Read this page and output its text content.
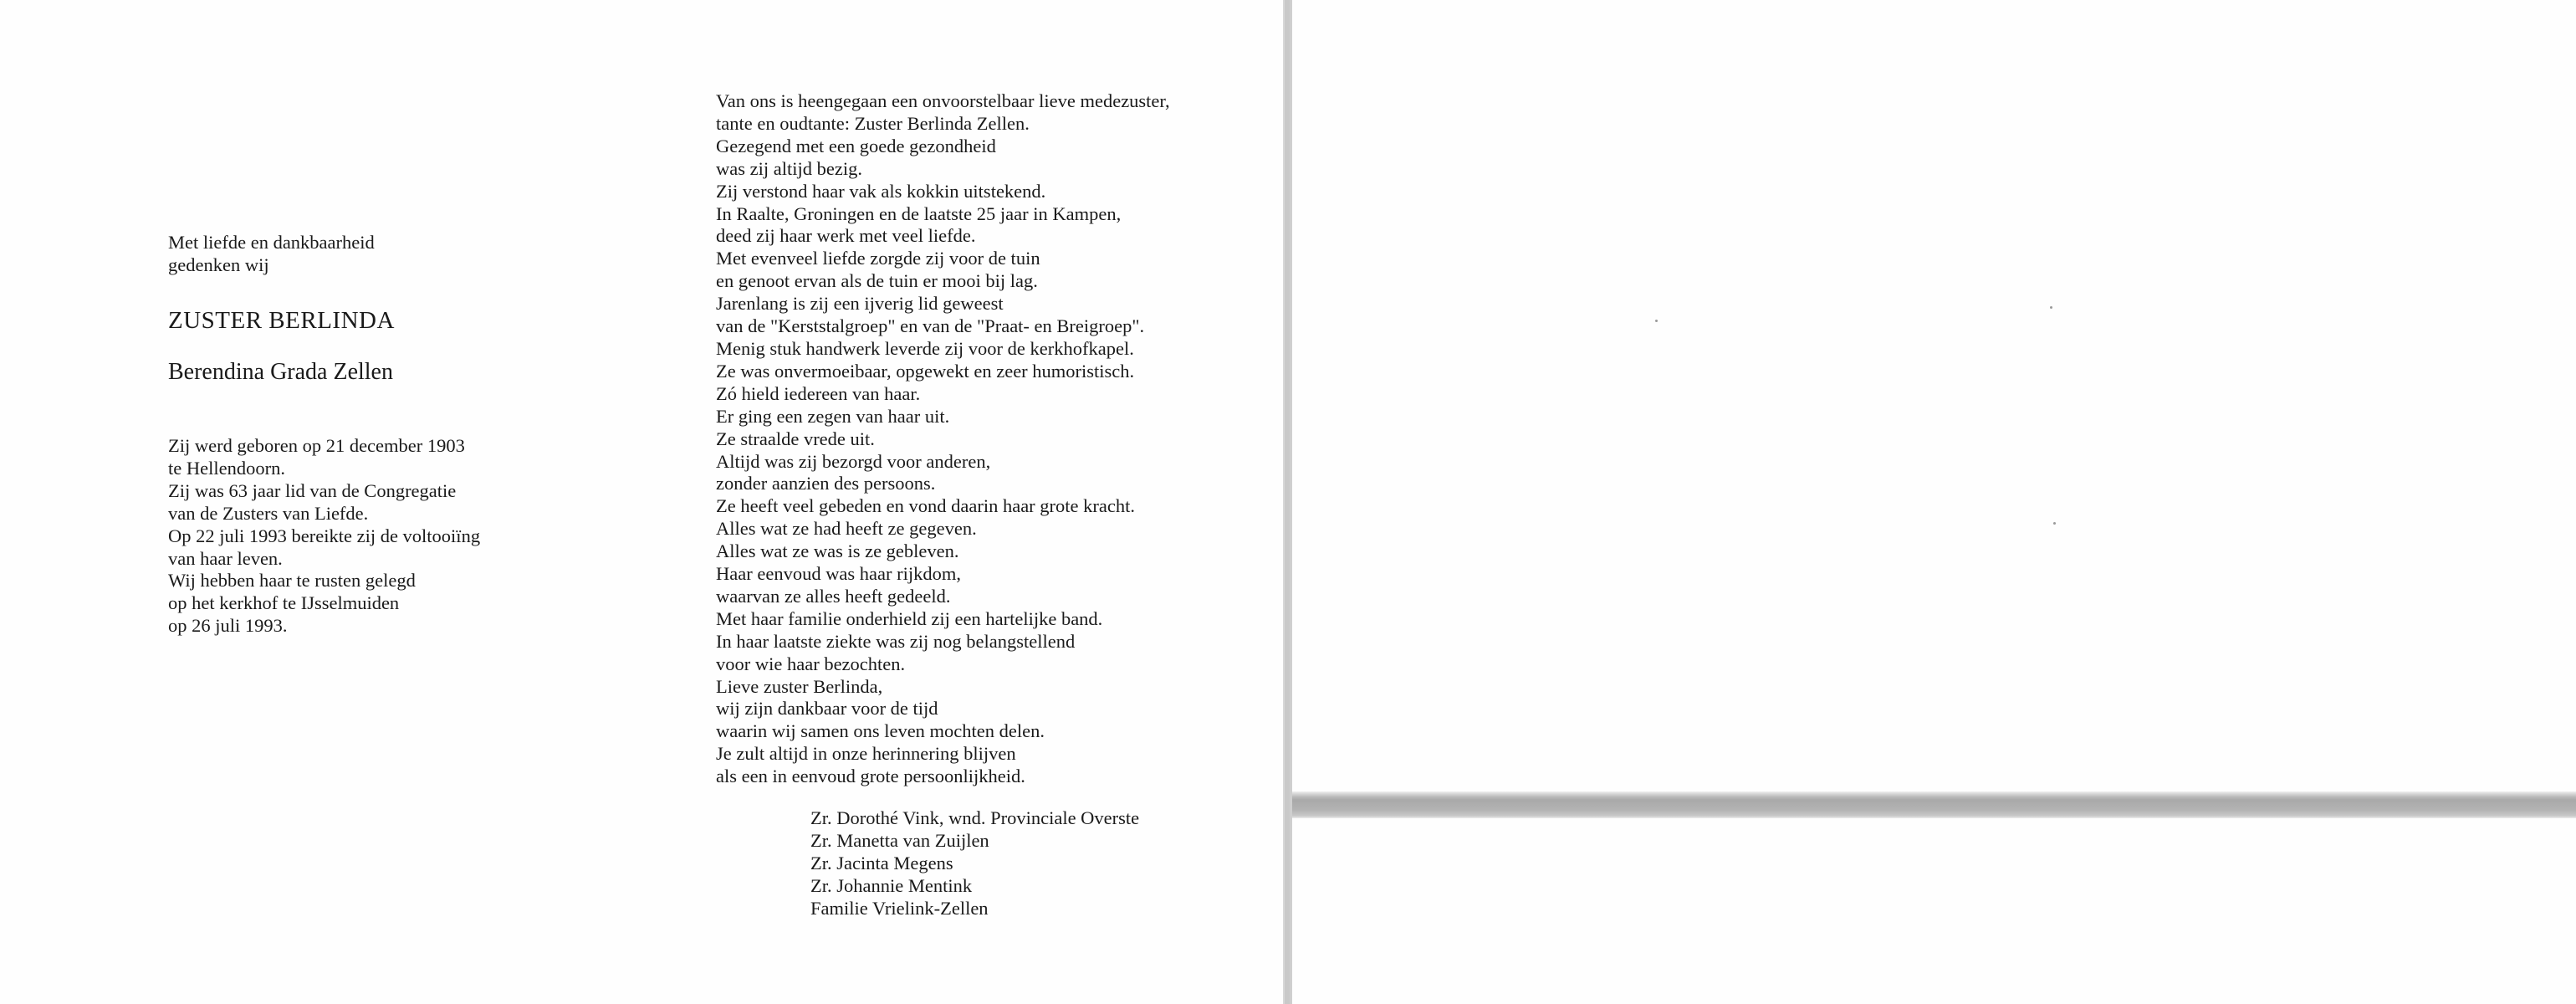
Met liefde en dankbaarheid
gedenken wij
ZUSTER BERLINDA
Berendina Grada Zellen
Zij werd geboren op 21 december 1903
te Hellendoorn.
Zij was 63 jaar lid van de Congregatie
van de Zusters van Liefde.
Op 22 juli 1993 bereikte zij de voltooiïng
van haar leven.
Wij hebben haar te rusten gelegd
op het kerkhof te IJsselmuiden
op 26 juli 1993.
Van ons is heengegaan een onvoorstelbaar lieve medezuster,
tante en oudtante: Zuster Berlinda Zellen.
Gezegend met een goede gezondheid
was zij altijd bezig.
Zij verstond haar vak als kokkin uitstekend.
In Raalte, Groningen en de laatste 25 jaar in Kampen,
deed zij haar werk met veel liefde.
Met evenveel liefde zorgde zij voor de tuin
en genoot ervan als de tuin er mooi bij lag.
Jarenlang is zij een ijverig lid geweest
van de "Kerststalgroep" en van de "Praat- en Breigroep".
Menig stuk handwerk leverde zij voor de kerkhofkapel.
Ze was onvermoeibaar, opgewekt en zeer humoristisch.
Zó hield iedereen van haar.
Er ging een zegen van haar uit.
Ze straalde vrede uit.
Altijd was zij bezorgd voor anderen,
zonder aanzien des persoons.
Ze heeft veel gebeden en vond daarin haar grote kracht.
Alles wat ze had heeft ze gegeven.
Alles wat ze was is ze gebleven.
Haar eenvoud was haar rijkdom,
waarvan ze alles heeft gedeeld.
Met haar familie onderhield zij een hartelijke band.
In haar laatste ziekte was zij nog belangstellend
voor wie haar bezochten.
Lieve zuster Berlinda,
wij zijn dankbaar voor de tijd
waarin wij samen ons leven mochten delen.
Je zult altijd in onze herinnering blijven
als een in eenvoud grote persoonlijkheid.
Zr. Dorothé Vink, wnd. Provinciale Overste
Zr. Manetta van Zuijlen
Zr. Jacinta Megens
Zr. Johannie Mentink
Familie Vrielink-Zellen
